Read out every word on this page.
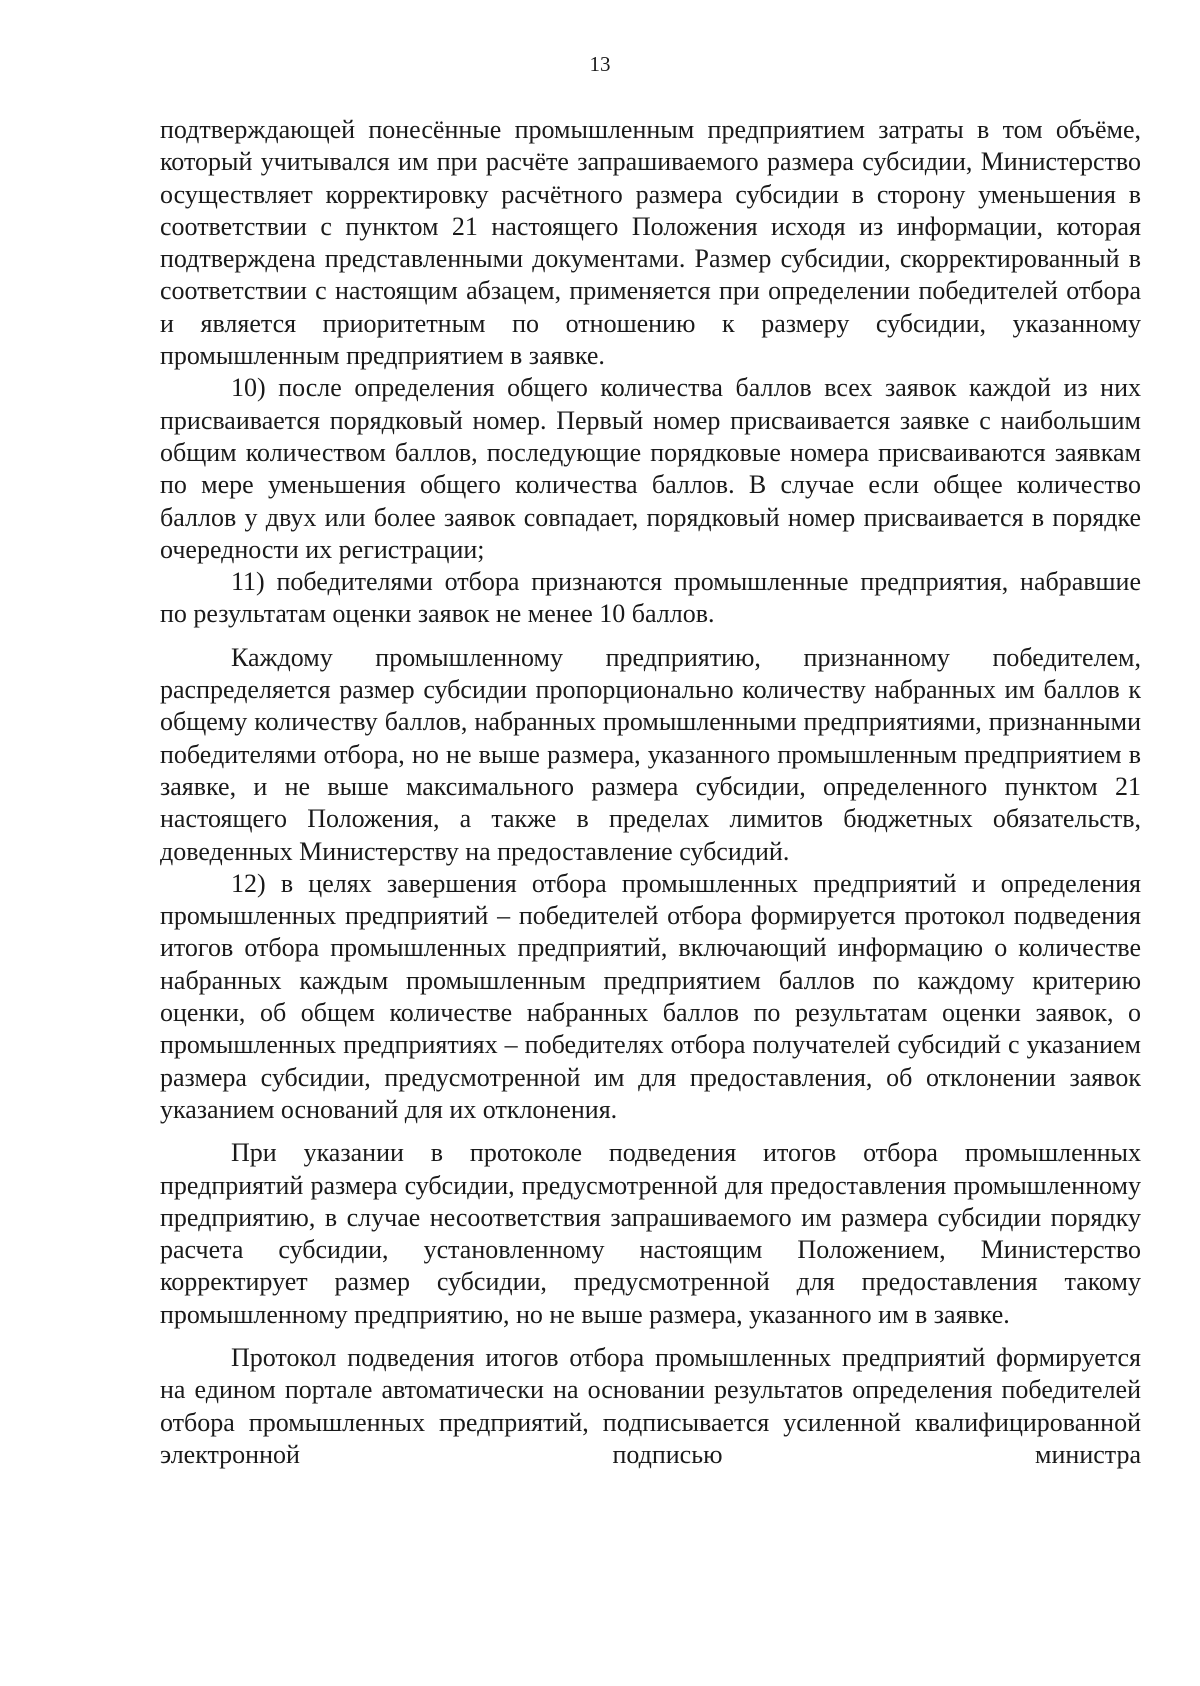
13

подтверждающей понесённые промышленным предприятием затраты в том объёме, который учитывался им при расчёте запрашиваемого размера субсидии, Министерство осуществляет корректировку расчётного размера субсидии в сторону уменьшения в соответствии с пунктом 21 настоящего Положения исходя из информации, которая подтверждена представленными документами. Размер субсидии, скорректированный в соответствии с настоящим абзацем, применяется при определении победителей отбора и является приоритетным по отношению к размеру субсидии, указанному промышленным предприятием в заявке.

10) после определения общего количества баллов всех заявок каждой из них присваивается порядковый номер. Первый номер присваивается заявке с наибольшим общим количеством баллов, последующие порядковые номера присваиваются заявкам по мере уменьшения общего количества баллов. В случае если общее количество баллов у двух или более заявок совпадает, порядковый номер присваивается в порядке очередности их регистрации;

11) победителями отбора признаются промышленные предприятия, набравшие по результатам оценки заявок не менее 10 баллов.

Каждому промышленному предприятию, признанному победителем, распределяется размер субсидии пропорционально количеству набранных им баллов к общему количеству баллов, набранных промышленными предприятиями, признанными победителями отбора, но не выше размера, указанного промышленным предприятием в заявке, и не выше максимального размера субсидии, определенного пунктом 21 настоящего Положения, а также в пределах лимитов бюджетных обязательств, доведенных Министерству на предоставление субсидий.

12) в целях завершения отбора промышленных предприятий и определения промышленных предприятий – победителей отбора формируется протокол подведения итогов отбора промышленных предприятий, включающий информацию о количестве набранных каждым промышленным предприятием баллов по каждому критерию оценки, об общем количестве набранных баллов по результатам оценки заявок, о промышленных предприятиях – победителях отбора получателей субсидий с указанием размера субсидии, предусмотренной им для предоставления, об отклонении заявок указанием оснований для их отклонения.

При указании в протоколе подведения итогов отбора промышленных предприятий размера субсидии, предусмотренной для предоставления промышленному предприятию, в случае несоответствия запрашиваемого им размера субсидии порядку расчета субсидии, установленному настоящим Положением, Министерство корректирует размер субсидии, предусмотренной для предоставления такому промышленному предприятию, но не выше размера, указанного им в заявке.

Протокол подведения итогов отбора промышленных предприятий формируется на едином портале автоматически на основании результатов определения победителей отбора промышленных предприятий, подписывается усиленной квалифицированной электронной подписью министра
